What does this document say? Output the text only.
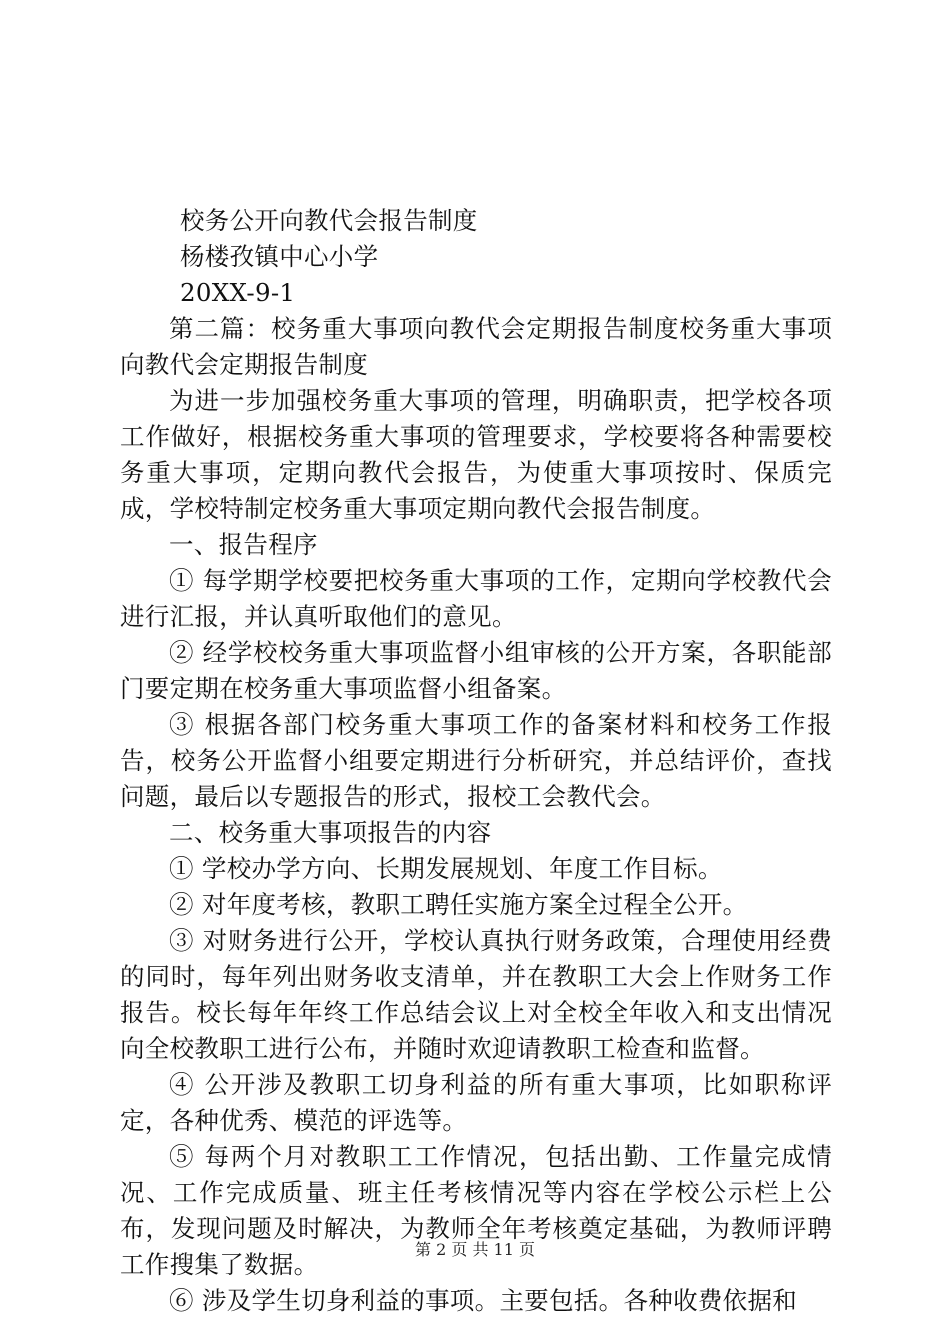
校务公开向教代会报告制度
杨楼孜镇中心小学
20XX-9-1

第二篇：校务重大事项向教代会定期报告制度校务重大事项向教代会定期报告制度

为进一步加强校务重大事项的管理，明确职责，把学校各项工作做好，根据校务重大事项的管理要求，学校要将各种需要校务重大事项，定期向教代会报告，为使重大事项按时、保质完成，学校特制定校务重大事项定期向教代会报告制度。

一、报告程序

① 每学期学校要把校务重大事项的工作，定期向学校教代会进行汇报，并认真听取他们的意见。

② 经学校校务重大事项监督小组审核的公开方案，各职能部门要定期在校务重大事项监督小组备案。

③ 根据各部门校务重大事项工作的备案材料和校务工作报告，校务公开监督小组要定期进行分析研究，并总结评价，查找问题，最后以专题报告的形式，报校工会教代会。

二、校务重大事项报告的内容

① 学校办学方向、长期发展规划、年度工作目标。

② 对年度考核，教职工聘任实施方案全过程全公开。

③ 对财务进行公开，学校认真执行财务政策，合理使用经费的同时，每年列出财务收支清单，并在教职工大会上作财务工作报告。校长每年年终工作总结会议上对全校全年收入和支出情况向全校教职工进行公布，并随时欢迎请教职工检查和监督。

④ 公开涉及教职工切身利益的所有重大事项，比如职称评定，各种优秀、模范的评选等。

⑤ 每两个月对教职工工作情况，包括出勤、工作量完成情况、工作完成质量、班主任考核情况等内容在学校公示栏上公布，发现问题及时解决，为教师全年考核奠定基础，为教师评聘工作搜集了数据。

⑥ 涉及学生切身利益的事项。主要包括。各种收费依据和

第 2 页 共 11 页
